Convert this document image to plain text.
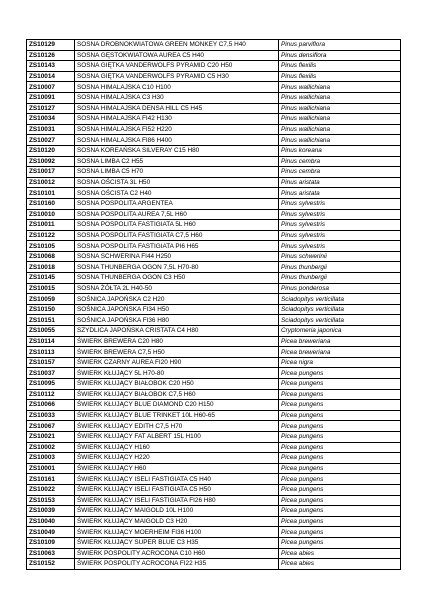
ZS10129	SOSNA DROBNOKWIATOWA GREEN MONKEY C7,5 H40	Pinus parviflora
ZS10126	SOSNA GĘSTOKWIATOWA AUREA C5 H40	Pinus densiflora
ZS10143	SOSNA GIĘTKA VANDERWOLFS PYRAMID C20 H50	Pinus flexilis
ZS10014	SOSNA GIĘTKA VANDERWOLFS PYRAMID C5 H30	Pinus flexilis
ZS10007	SOSNA HIMALAJSKA C10 H100	Pinus wallichiana
ZS10091	SOSNA HIMALAJSKA C3 H30	Pinus wallichiana
ZS10127	SOSNA HIMALAJSKA DENSA HILL C5 H45	Pinus wallichiana
ZS10034	SOSNA HIMALAJSKA FI42 H130	Pinus wallichiana
ZS10031	SOSNA HIMALAJSKA FI52 H220	Pinus wallichiana
ZS10027	SOSNA HIMALAJSKA FI86 H400	Pinus wallichiana
ZS10120	SOSNA KOREAŃSKA SILVERAY C15 H80	Pinus koreana
ZS10092	SOSNA LIMBA C2 H55	Pinus cembra
ZS10017	SOSNA LIMBA C5 H70	Pinus cembra
ZS10012	SOSNA OŚCISTA 3L H50	Pinus aristata
ZS10101	SOSNA OŚCISTA C2 H40	Pinus aristata
ZS10160	SOSNA POSPOLITA ARGENTEA	Pinus sylvestris
ZS10010	SOSNA POSPOLITA AUREA 7,5L H60	Pinus sylvestris
ZS10011	SOSNA POSPOLITA FASTIGIATA 5L H60	Pinus sylvestris
ZS10122	SOSNA POSPOLITA FASTIGIATA C7,5 H60	Pinus sylvestris
ZS10105	SOSNA POSPOLITA FASTIGIATA PI6 H65	Pinus sylvestris
ZS10068	SOSNA SCHWERINA FI44 H250	Pinus schwerinii
ZS10018	SOSNA THUNBERGA OGON 7,5L H70-80	Pinus thunbergii
ZS10145	SOSNA THUNBERGA OGON C3 H50	Pinus thunbergii
ZS10015	SOSNA ŻÓŁTA 2L H40-50	Pinus ponderosa
ZS10059	SOŚNICA JAPOŃSKA C2 H20	Sciadopitys verticillata
ZS10150	SOŚNICA JAPOŃSKA FI34 H50	Sciadopitys verticillata
ZS10151	SOŚNICA JAPOŃSKA FI36 H80	Sciadopitys verticillata
ZS10055	SZYDLICA JAPOŃSKA CRISTATA C4 H80	Cryptomeria japonica
ZS10114	ŚWIERK BREWERA C20 H80	Picea breweriana
ZS10113	ŚWIERK BREWERA C7,5 H50	Picea breweriana
ZS10157	ŚWIERK CZARNY AUREA FI20 H90	Picea nigra
ZS10037	ŚWIERK KŁUJĄCY 5L H70-80	Picea pungens
ZS10095	ŚWIERK KŁUJĄCY BIAŁOBOK C20 H50	Picea pungens
ZS10112	ŚWIERK KŁUJĄCY BIAŁOBOK C7,5 H60	Picea pungens
ZS10066	ŚWIERK KŁUJĄCY BLUE DIAMOND C20 H150	Picea pungens
ZS10033	ŚWIERK KŁUJĄCY BLUE TRINKET 10L H60-65	Picea pungens
ZS10067	ŚWIERK KŁUJĄCY EDITH C7,5 H70	Picea pungens
ZS10021	ŚWIERK KŁUJĄCY FAT ALBERT 15L H100	Picea pungens
ZS10002	ŚWIERK KŁUJĄCY H160	Picea pungens
ZS10003	ŚWIERK KŁUJĄCY H220	Picea pungens
ZS10001	ŚWIERK KŁUJĄCY H60	Picea pungens
ZS10161	ŚWIERK KŁUJĄCY ISELI FASTIGIATA C5 H40	Picea pungens
ZS10022	ŚWIERK KŁUJĄCY ISELI FASTIGIATA C5 H50	Picea pungens
ZS10153	ŚWIERK KŁUJĄCY ISELI FASTIGIATA FI26 H80	Picea pungens
ZS10039	ŚWIERK KŁUJĄCY MAIGOLD 10L H100	Picea pungens
ZS10040	ŚWIERK KŁUJĄCY MAIGOLD C3 H20	Picea pungens
ZS10049	ŚWIERK KŁUJĄCY MOERHEIM FI36 H100	Picea pungens
ZS10109	ŚWIERK KŁUJĄCY SUPER BLUE C3 H35	Picea pungens
ZS10063	ŚWIERK POSPOLITY ACROCONA C10 H60	Picea abies
ZS10152	ŚWIERK POSPOLITY ACROCONA FI22 H35	Picea abies
